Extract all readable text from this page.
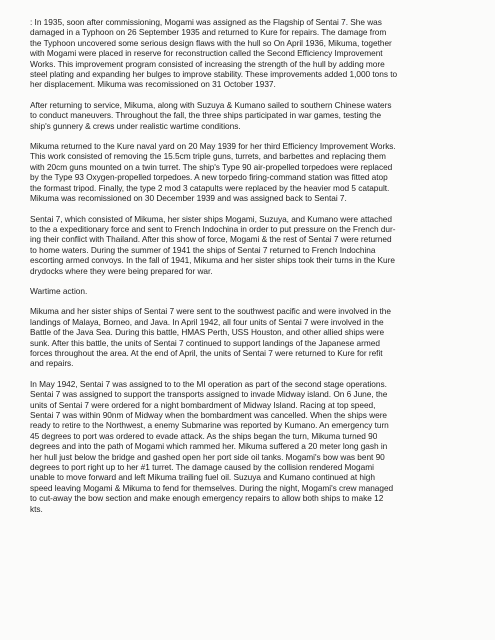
: In 1935, soon after commissioning, Mogami was assigned as the Flagship of Sentai 7. She was
damaged in a Typhoon on 26 September 1935 and returned to Kure for repairs. The damage from
the Typhoon uncovered some serious design flaws with the hull so On April 1936, Mikuma, together
with Mogami were placed in reserve for reconstruction called the Second Efficiency Improvement
Works. This improvement program consisted of increasing the strength of the hull by adding more
steel plating and expanding her bulges to improve stability. These improvements added 1,000 tons to
her displacement. Mikuma was recomissioned on 31 October 1937.

After returning to service, Mikuma, along with Suzuya & Kumano sailed to southern Chinese waters
to conduct maneuvers. Throughout the fall, the three ships participated in war games, testing the
ship's gunnery & crews under realistic wartime conditions.

Mikuma returned to the Kure naval yard on 20 May 1939 for her third Efficiency Improvement Works.
This work consisted of removing the 15.5cm triple guns, turrets, and barbettes and replacing them
with 20cm guns mounted on a twin turret. The ship's Type 90 air-propelled torpedoes were replaced
by the Type 93 Oxygen-propelled torpedoes. A new torpedo firing-command station was fitted atop
the formast tripod. Finally, the type 2 mod 3 catapults were replaced by the heavier mod 5 catapult.
Mikuma was recomissioned on 30 December 1939 and was assigned back to Sentai 7.

Sentai 7, which consisted of Mikuma, her sister ships Mogami, Suzuya, and Kumano were attached
to the a expeditionary force and sent to French Indochina in order to put pressure on the French dur-
ing their conflict with Thailand. After this show of force, Mogami & the rest of Sentai 7 were returned
to home waters. During the summer of 1941 the ships of Sentai 7 returned to French Indochina
escorting armed convoys. In the fall of 1941, Mikuma and her sister ships took their turns in the Kure
drydocks where they were being prepared for war.

Wartime action.

Mikuma and her sister ships of Sentai 7 were sent to the southwest pacific and were involved in the
landings of Malaya, Borneo, and Java. In April 1942, all four units of Sentai 7 were involved in the
Battle of the Java Sea. During this battle, HMAS Perth, USS Houston, and other allied ships were
sunk. After this battle, the units of Sentai 7 continued to support landings of the Japanese armed
forces throughout the area. At the end of April, the units of Sentai 7 were returned to Kure for refit
and repairs.

In May 1942, Sentai 7 was assigned to to the MI operation as part of the second stage operations.
Sentai 7 was assigned to support the transports assigned to invade Midway island. On 6 June, the
units of Sentai 7 were ordered for a night bombardment of Midway Island. Racing at top speed,
Sentai 7 was within 90nm of Midway when the bombardment was cancelled. When the ships were
ready to retire to the Northwest, a enemy Submarine was reported by Kumano. An emergency turn
45 degrees to port was ordered to evade attack. As the ships began the turn, Mikuma turned 90
degrees and into the path of Mogami which rammed her. Mikuma suffered a 20 meter long gash in
her hull just below the bridge and gashed open her port side oil tanks. Mogami's bow was bent 90
degrees to port right up to her #1 turret. The damage caused by the collision rendered Mogami
unable to move forward and left Mikuma trailing fuel oil. Suzuya and Kumano continued at high
speed leaving Mogami & Mikuma to fend for themselves. During the night, Mogami's crew managed
to cut-away the bow section and make enough emergency repairs to allow both ships to make 12
kts.
